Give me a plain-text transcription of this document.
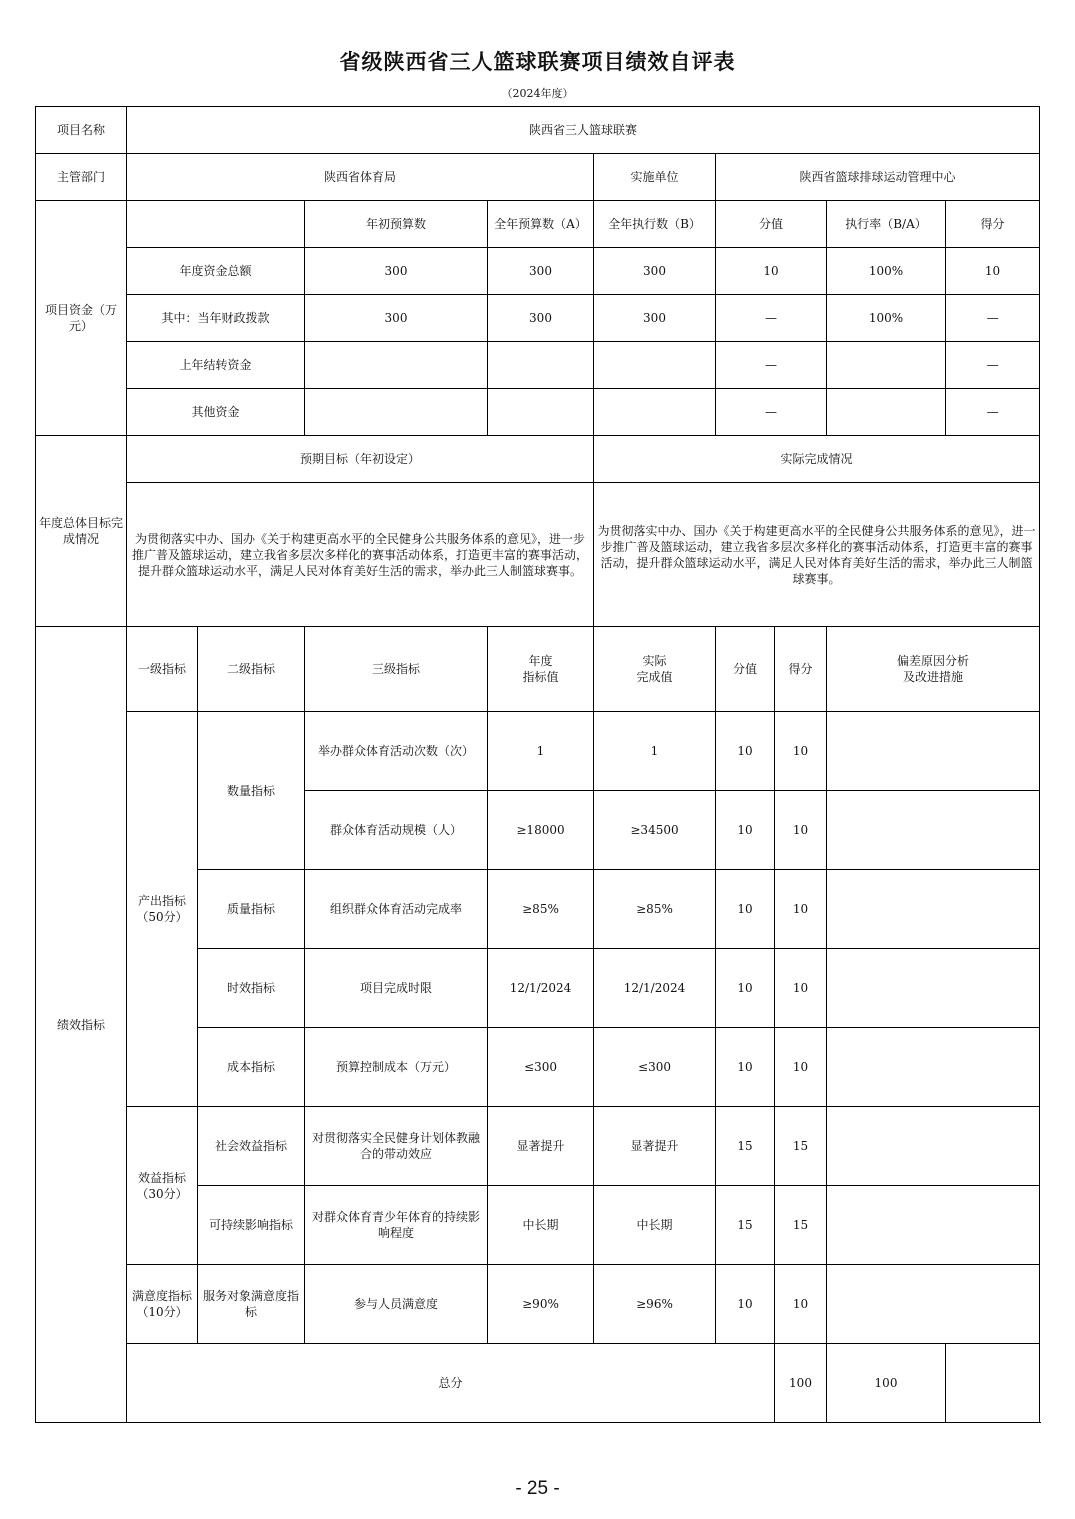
省级陕西省三人篮球联赛项目绩效自评表
（2024年度）
项目名称	陕西省三人篮球联赛								
主管部门	陕西省体育局				实施单位	陕西省篮球排球运动管理中心			
项目资金（万元）			年初预算数	全年预算数（A）	全年执行数（B）	分值		执行率（B/A）	得分
	年度资金总额		300	300	300	10		100%	10
	其中：当年财政拨款		300	300	300	—		100%	—
	上年结转资金					—			—
	其他资金					—			—
年度总体目标完成情况	预期目标（年初设定）				实际完成情况				
	为贯彻落实中办、国办《关于构建更高水平的全民健身公共服务体系的意见》，进一步推广普及篮球运动，建立我省多层次多样化的赛事活动体系，打造更丰富的赛事活动，提升群众篮球运动水平，满足人民对体育美好生活的需求，举办此三人制篮球赛事。				为贯彻落实中办、国办《关于构建更高水平的全民健身公共服务体系的意见》，进一步推广普及篮球运动，建立我省多层次多样化的赛事活动体系，打造更丰富的赛事活动，提升群众篮球运动水平，满足人民对体育美好生活的需求，举办此三人制篮球赛事。				
绩效指标	一级指标	二级指标	三级指标	年度
指标值	实际
完成值	分值	得分	偏差原因分析
及改进措施	
	产出指标（50分）	数量指标	举办群众体育活动次数（次）	1	1	10	10		
			群众体育活动规模（人）	≥18000	≥34500	10	10		
		质量指标	组织群众体育活动完成率	≥85%	≥85%	10	10		
		时效指标	项目完成时限	12/1/2024	12/1/2024	10	10		
		成本指标	预算控制成本（万元）	≤300	≤300	10	10		
	效益指标（30分）	社会效益指标	对贯彻落实全民健身计划体教融合的带动效应	显著提升	显著提升	15	15		
		可持续影响指标	对群众体育青少年体育的持续影响程度	中长期	中长期	15	15		
	满意度指标（10分）	服务对象满意度指标	参与人员满意度	≥90%	≥96%	10	10		
	总分						100	100	
- 25 -
